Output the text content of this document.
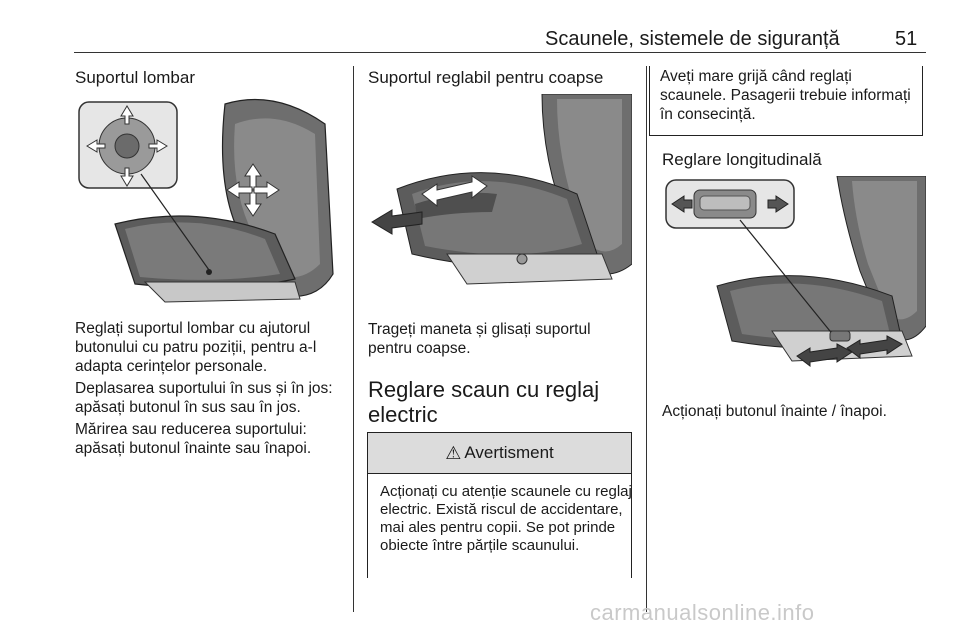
Scaunele, sistemele de siguranță	51
Suportul lombar

Reglați suportul lombar cu ajutorul butonului cu patru poziții, pentru a-l adapta cerințelor personale.

Deplasarea suportului în sus și în jos: apăsați butonul în sus sau în jos.

Mărirea sau reducerea suportului: apăsați butonul înainte sau înapoi.

Suportul reglabil pentru coapse

Trageți maneta și glisați suportul pentru coapse.

Reglare scaun cu reglaj electric
⚠ Avertisment

Acționați cu atenție scaunele cu reglaj electric. Există riscul de accidentare, mai ales pentru copii. Se pot prinde obiecte între părțile scaunului.

Aveți mare grijă când reglați scaunele. Pasagerii trebuie informați în consecință.

Reglare longitudinală

Acționați butonul înainte / înapoi.

carmanualsonline.info
